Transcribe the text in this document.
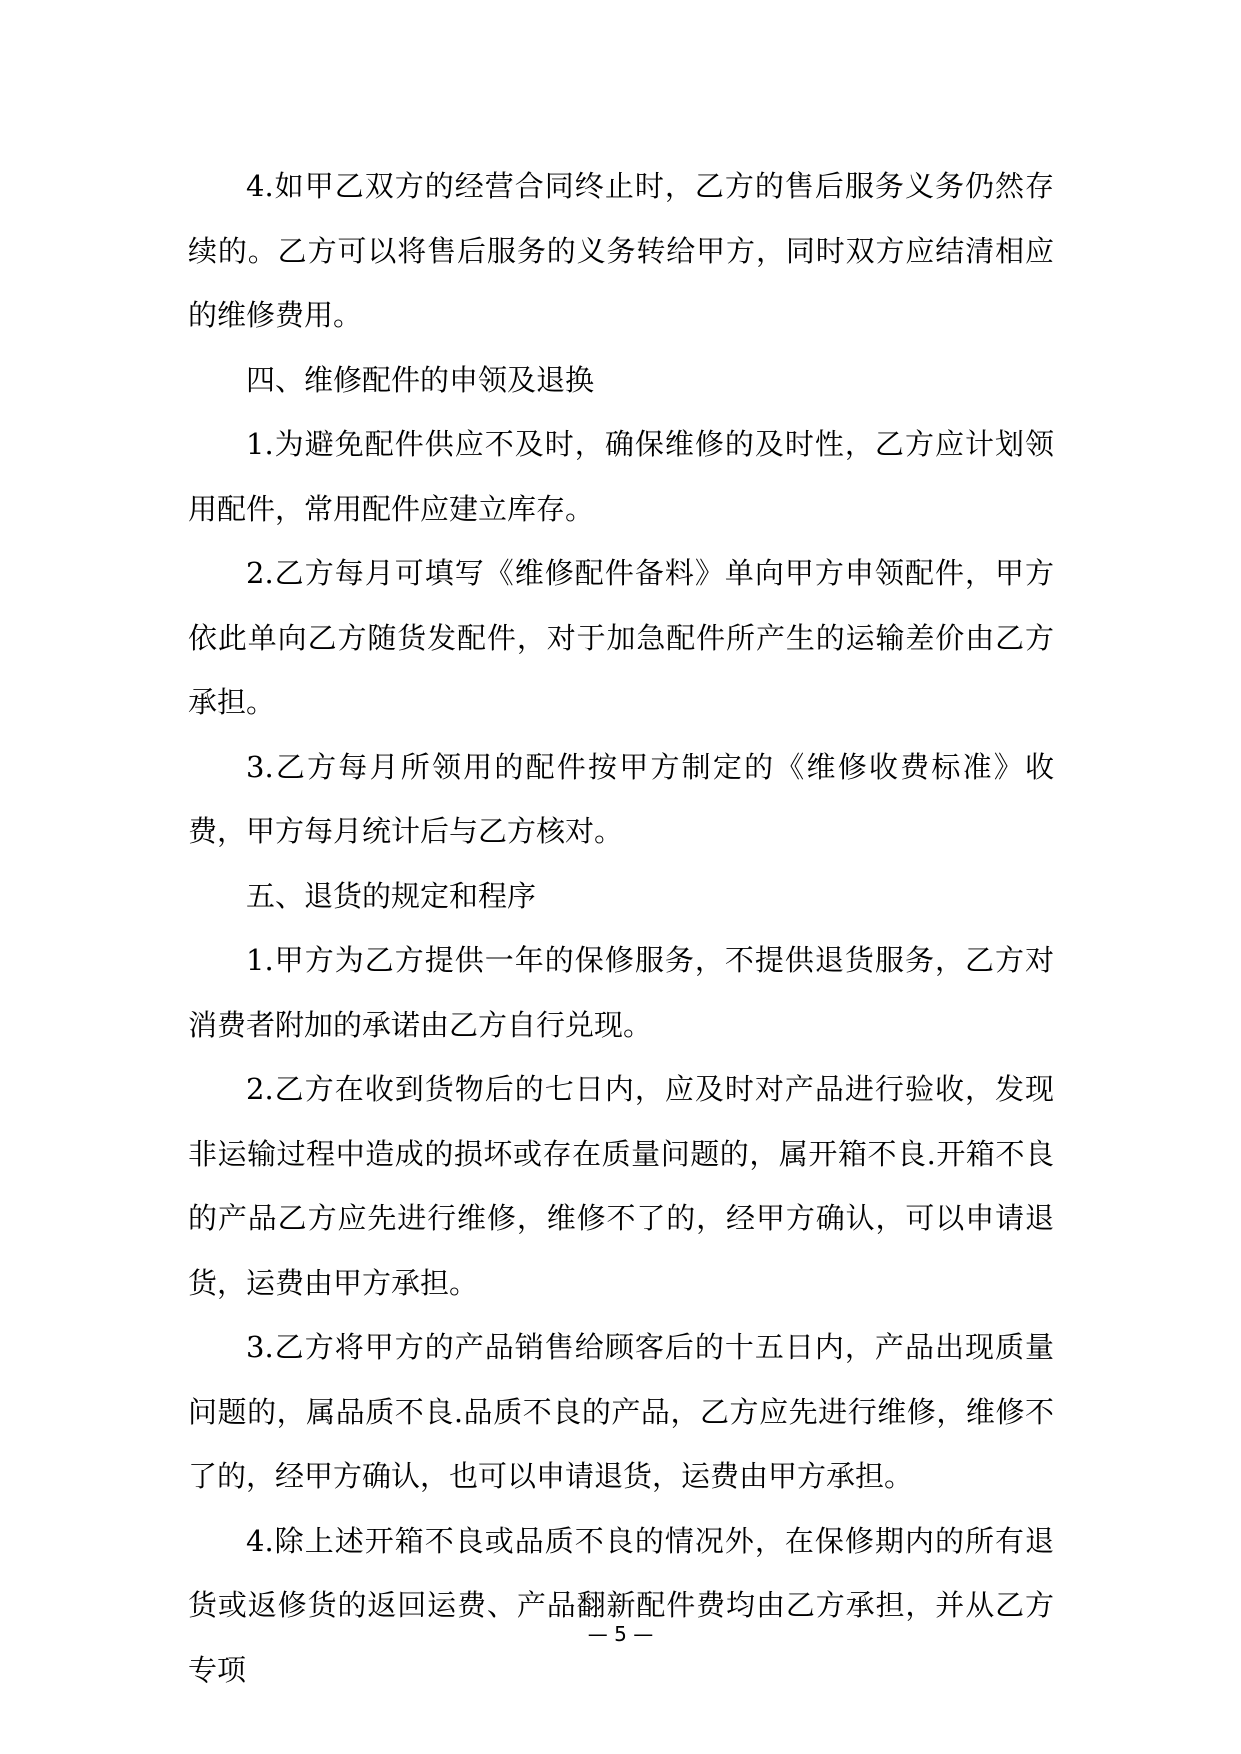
4.如甲乙双方的经营合同终止时，乙方的售后服务义务仍然存续的。乙方可以将售后服务的义务转给甲方，同时双方应结清相应的维修费用。

四、维修配件的申领及退换

1.为避免配件供应不及时，确保维修的及时性，乙方应计划领用配件，常用配件应建立库存。

2.乙方每月可填写《维修配件备料》单向甲方申领配件，甲方依此单向乙方随货发配件，对于加急配件所产生的运输差价由乙方承担。

3.乙方每月所领用的配件按甲方制定的《维修收费标准》收费，甲方每月统计后与乙方核对。

五、退货的规定和程序

1.甲方为乙方提供一年的保修服务，不提供退货服务，乙方对消费者附加的承诺由乙方自行兑现。

2.乙方在收到货物后的七日内，应及时对产品进行验收，发现非运输过程中造成的损坏或存在质量问题的，属开箱不良.开箱不良的产品乙方应先进行维修，维修不了的，经甲方确认，可以申请退货，运费由甲方承担。

3.乙方将甲方的产品销售给顾客后的十五日内，产品出现质量问题的，属品质不良.品质不良的产品，乙方应先进行维修，维修不了的，经甲方确认，也可以申请退货，运费由甲方承担。

4.除上述开箱不良或品质不良的情况外，在保修期内的所有退货或返修货的返回运费、产品翻新配件费均由乙方承担，并从乙方专项

— 5 —
